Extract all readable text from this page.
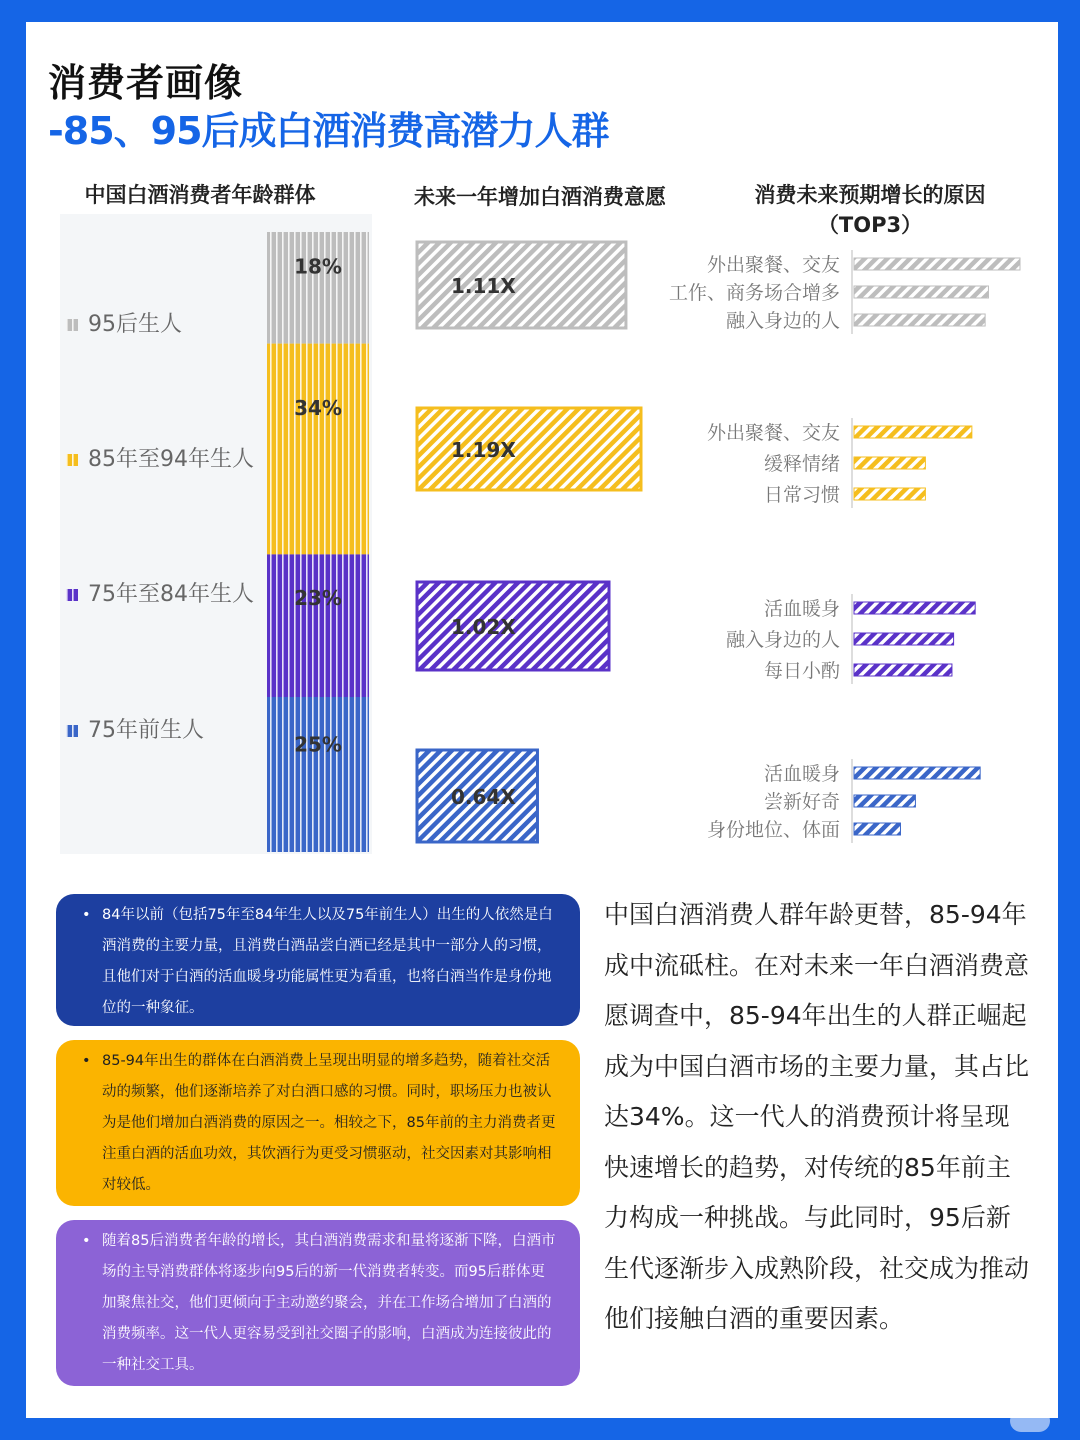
消费者画像
-85、95后成白酒消费高潜力人群
中国白酒消费者年龄群体	未来一年增加白酒消费意愿	消费未来预期增长的原因
（TOP3）
18%
95后生人
34%
85年至94年生人
23%
75年至84年生人
25%
75年前生人
1.11X
1.19X
1.02X
0.64X
外出聚餐、交友
工作、商务场合增多
融入身边的人
外出聚餐、交友
缓释情绪
日常习惯
活血暖身
融入身边的人
每日小酌
活血暖身
尝新好奇
身份地位、体面
• 84年以前（包括75年至84年生人以及75年前生人）出生的人依然是白酒消费的主要力量，且消费白酒品尝白酒已经是其中一部分人的习惯，且他们对于白酒的活血暖身功能属性更为看重，也将白酒当作是身份地位的一种象征。
• 85-94年出生的群体在白酒消费上呈现出明显的增多趋势，随着社交活动的频繁，他们逐渐培养了对白酒口感的习惯。同时，职场压力也被认为是他们增加白酒消费的原因之一。相较之下，85年前的主力消费者更注重白酒的活血功效，其饮酒行为更受习惯驱动，社交因素对其影响相对较低。
• 随着85后消费者年龄的增长，其白酒消费需求和量将逐渐下降，白酒市场的主导消费群体将逐步向95后的新一代消费者转变。而95后群体更加聚焦社交，他们更倾向于主动邀约聚会，并在工作场合增加了白酒的消费频率。这一代人更容易受到社交圈子的影响，白酒成为连接彼此的一种社交工具。
中国白酒消费人群年龄更替，85-94年成中流砥柱。在对未来一年白酒消费意愿调查中，85-94年出生的人群正崛起成为中国白酒市场的主要力量，其占比达34%。这一代人的消费预计将呈现快速增长的趋势，对传统的85年前主力构成一种挑战。与此同时，95后新生代逐渐步入成熟阶段，社交成为推动他们接触白酒的重要因素。
